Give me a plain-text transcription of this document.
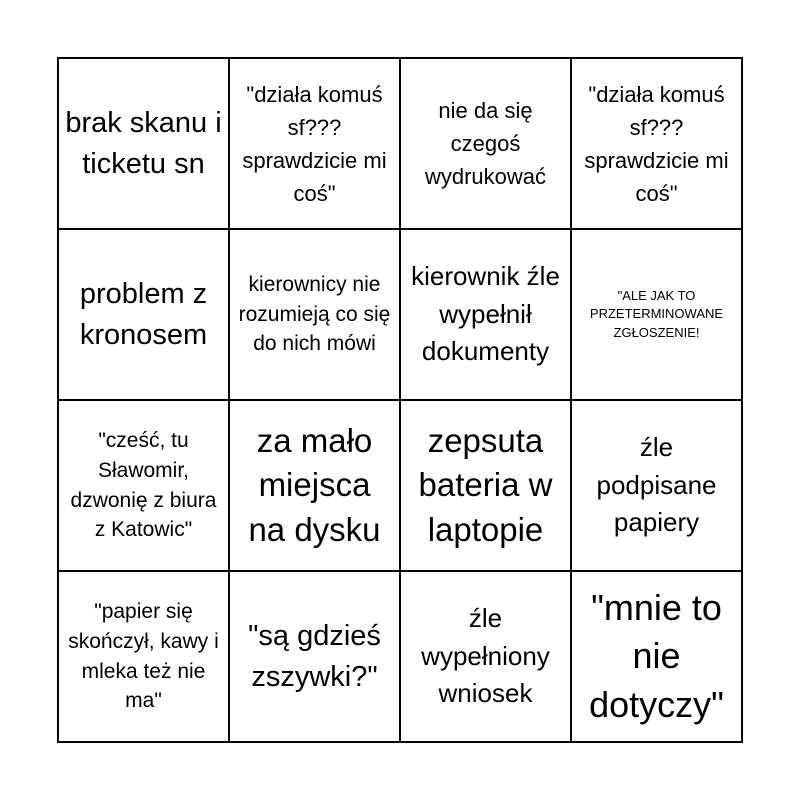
brak skanu i ticketu sn
"działa komuś sf??? sprawdzicie mi coś"
nie da się czegoś wydrukować
"działa komuś sf??? sprawdzicie mi coś"
problem z kronosem
kierownicy nie rozumieją co się do nich mówi
kierownik źle wypełnił dokumenty
"ALE JAK TO PRZETERMINOWANE ZGŁOSZENIE!
"cześć, tu Sławomir, dzwonię z biura z Katowic"
za mało miejsca na dysku
zepsuta bateria w laptopie
źle podpisane papiery
"papier się skończył, kawy i mleka też nie ma"
"są gdzieś zszywki?"
źle wypełniony wniosek
"mnie to nie dotyczy"
